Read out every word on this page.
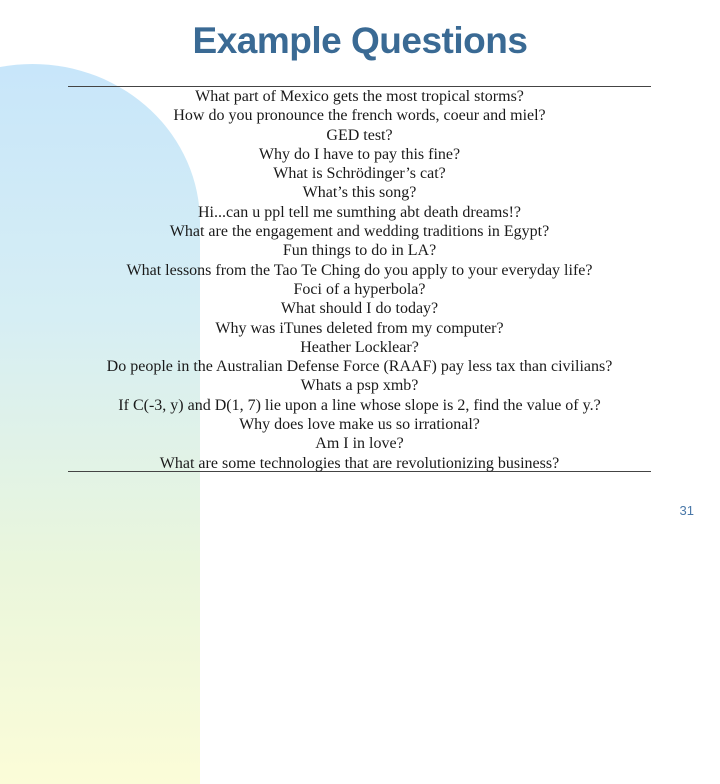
Example Questions
What part of Mexico gets the most tropical storms?
How do you pronounce the french words, coeur and miel?
GED test?
Why do I have to pay this fine?
What is Schrödinger’s cat?
What’s this song?
Hi...can u ppl tell me sumthing abt death dreams!?
What are the engagement and wedding traditions in Egypt?
Fun things to do in LA?
What lessons from the Tao Te Ching do you apply to your everyday life?
Foci of a hyperbola?
What should I do today?
Why was iTunes deleted from my computer?
Heather Locklear?
Do people in the Australian Defense Force (RAAF) pay less tax than civilians?
Whats a psp xmb?
If C(-3, y) and D(1, 7) lie upon a line whose slope is 2, find the value of y.?
Why does love make us so irrational?
Am I in love?
What are some technologies that are revolutionizing business?
31
